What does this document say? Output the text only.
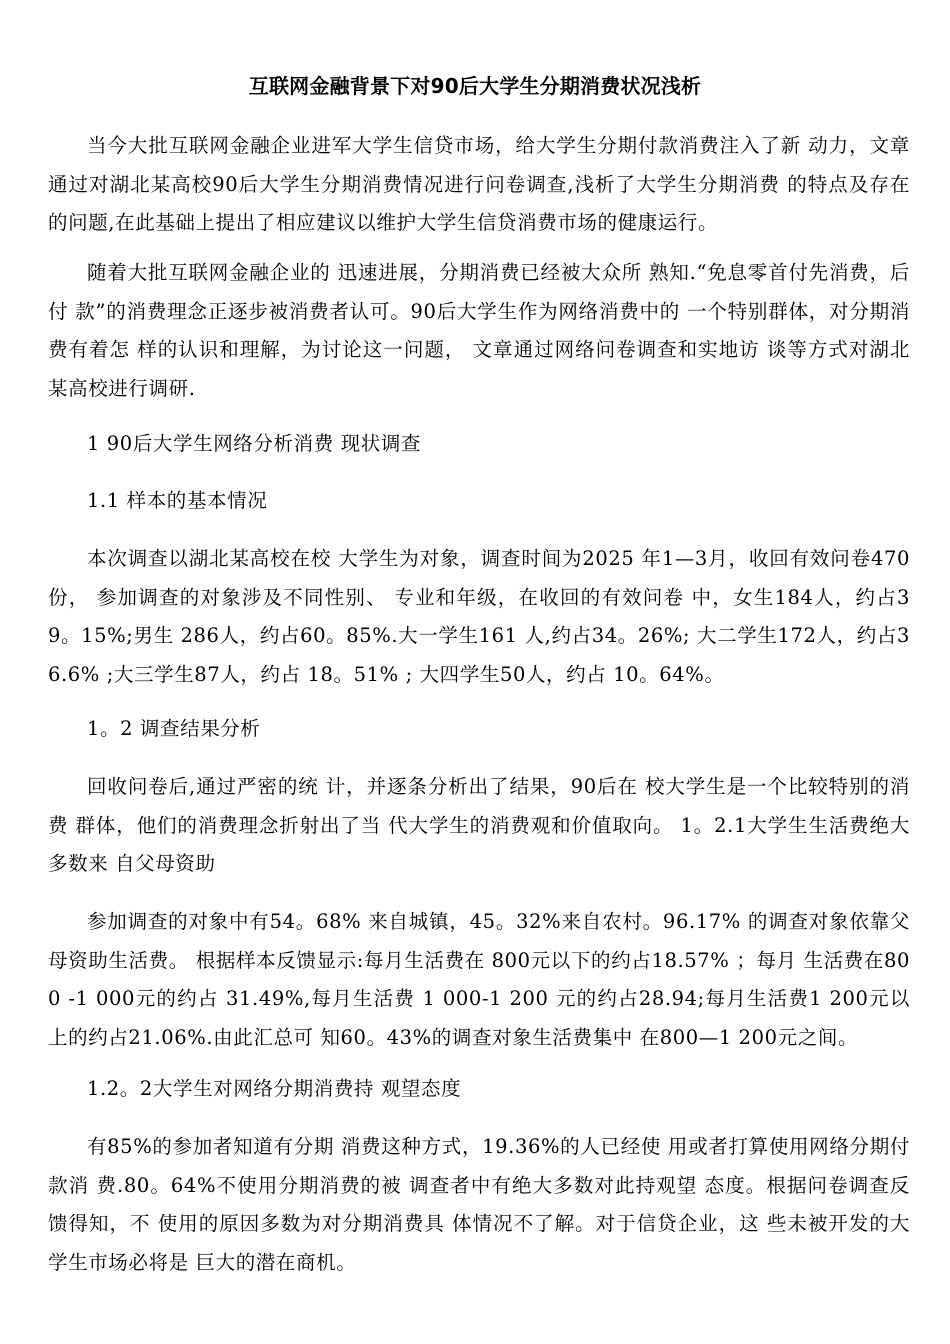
互联网金融背景下对90后大学生分期消费状况浅析

当今大批互联网金融企业进军大学生信贷市场，给大学生分期付款消费注入了新 动力，文章通过对湖北某高校90后大学生分期消费情况进行问卷调查,浅析了大学生分期消费 的特点及存在的问题,在此基础上提出了相应建议以维护大学生信贷消费市场的健康运行。

随着大批互联网金融企业的 迅速进展，分期消费已经被大众所 熟知.“免息零首付先消费，后付 款”的消费理念正逐步被消费者认可。90后大学生作为网络消费中的 一个特别群体，对分期消费有着怎 样的认识和理解，为讨论这一问题， 文章通过网络问卷调查和实地访 谈等方式对湖北某高校进行调研.

1 90后大学生网络分析消费 现状调查

1.1 样本的基本情况

本次调查以湖北某高校在校 大学生为对象，调查时间为2025 年1—3月，收回有效问卷470份， 参加调查的对象涉及不同性别、 专业和年级，在收回的有效问卷 中，女生184人，约占39。15%;男生 286人，约占60。85%.大一学生161 人,约占34。26%; 大二学生172人，约占36.6% ;大三学生87人，约占 18。51% ; 大四学生50人，约占 10。64%。

1。2 调查结果分析

回收问卷后,通过严密的统 计，并逐条分析出了结果，90后在 校大学生是一个比较特别的消费 群体，他们的消费理念折射出了当 代大学生的消费观和价值取向。 1。2.1大学生生活费绝大多数来 自父母资助

参加调查的对象中有54。68% 来自城镇，45。32%来自农村。96.17% 的调查对象依靠父母资助生活费。 根据样本反馈显示:每月生活费在 800元以下的约占18.57% ；每月 生活费在800 -1 000元的约占 31.49%,每月生活费 1 000-1 200 元的约占28.94;每月生活费1 200元以上的约占21.06%.由此汇总可 知60。43%的调查对象生活费集中 在800—1 200元之间。

1.2。2大学生对网络分期消费持 观望态度

有85%的参加者知道有分期 消费这种方式，19.36%的人已经使 用或者打算使用网络分期付款消 费.80。64%不使用分期消费的被 调查者中有绝大多数对此持观望 态度。根据问卷调查反馈得知，不 使用的原因多数为对分期消费具 体情况不了解。对于信贷企业，这 些未被开发的大学生市场必将是 巨大的潜在商机。
